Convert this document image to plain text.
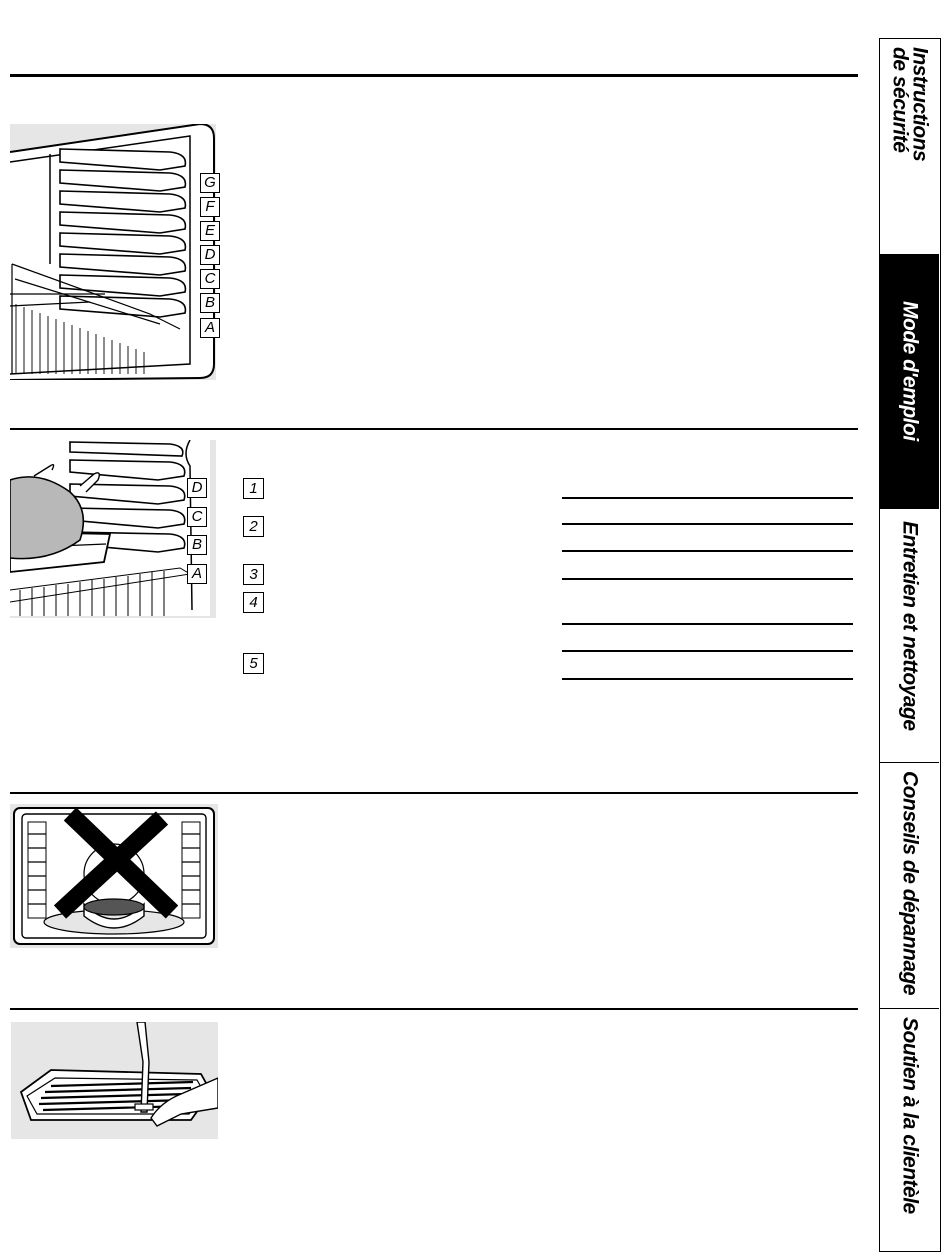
G
F
E
D
C
B
A
D
C
B
A
1
2
3
4
5
Instructions
de sécurité
Mode d'emploi
Entretien et nettoyage
Conseils de dépannage
Soutien à la clientèle
